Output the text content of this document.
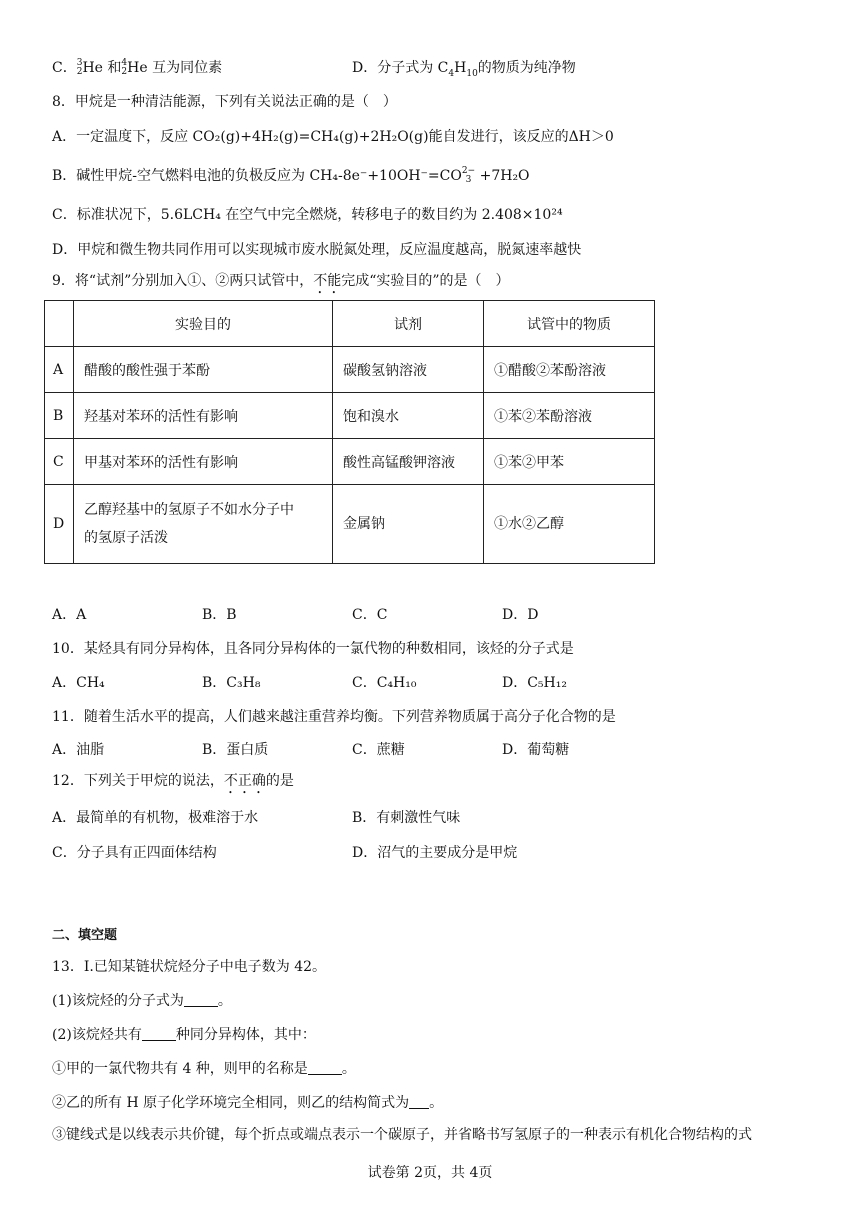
C．3
2He 和4
2He 互为同位素	D．分子式为 $C_4H_{10}$的物质为纯净物
8．甲烷是一种清洁能源，下列有关说法正确的是（　）
A．一定温度下，反应 CO₂(g)+4H₂(g)=CH₄(g)+2H₂O(g)能自发进行，该反应的ΔH＞0
B．碱性甲烷-空气燃料电池的负极反应为 CH₄-8e⁻+10OH⁻=CO2−
3 +7H₂O
C．标准状况下，5.6LCH₄ 在空气中完全燃烧，转移电子的数目约为 2.408×10²⁴
D．甲烷和微生物共同作用可以实现城市废水脱氮处理，反应温度越高，脱氮速率越快
9．将“试剂”分别加入①、②两只试管中，不能完成“实验目的”的是（　）
	实验目的	试剂	试管中的物质
A	醋酸的酸性强于苯酚	碳酸氢钠溶液	①醋酸②苯酚溶液
B	羟基对苯环的活性有影响	饱和溴水	①苯②苯酚溶液
C	甲基对苯环的活性有影响	酸性高锰酸钾溶液	①苯②甲苯
D	乙醇羟基中的氢原子不如水分子中
的氢原子活泼	金属钠	①水②乙醇
A．A	B．B	C．C	D．D
10．某烃具有同分异构体，且各同分异构体的一氯代物的种数相同，该烃的分子式是
A．CH₄	B．C₃H₈	C．C₄H₁₀	D．C₅H₁₂
11．随着生活水平的提高，人们越来越注重营养均衡。下列营养物质属于高分子化合物的是
A．油脂	B．蛋白质	C．蔗糖	D．葡萄糖
12．下列关于甲烷的说法，不正确的是
A．最简单的有机物，极难溶于水	B．有刺激性气味
C．分子具有正四面体结构	D．沼气的主要成分是甲烷
二、填空题
13．I.已知某链状烷烃分子中电子数为 42。
(1)该烷烃的分子式为 。
(2)该烷烃共有 种同分异构体，其中：
①甲的一氯代物共有 4 种，则甲的名称是 。
②乙的所有 H 原子化学环境完全相同，则乙的结构简式为 。
③键线式是以线表示共价键，每个折点或端点表示一个碳原子，并省略书写氢原子的一种表示有机化合物结构的式
试卷第 2页，共 4页
